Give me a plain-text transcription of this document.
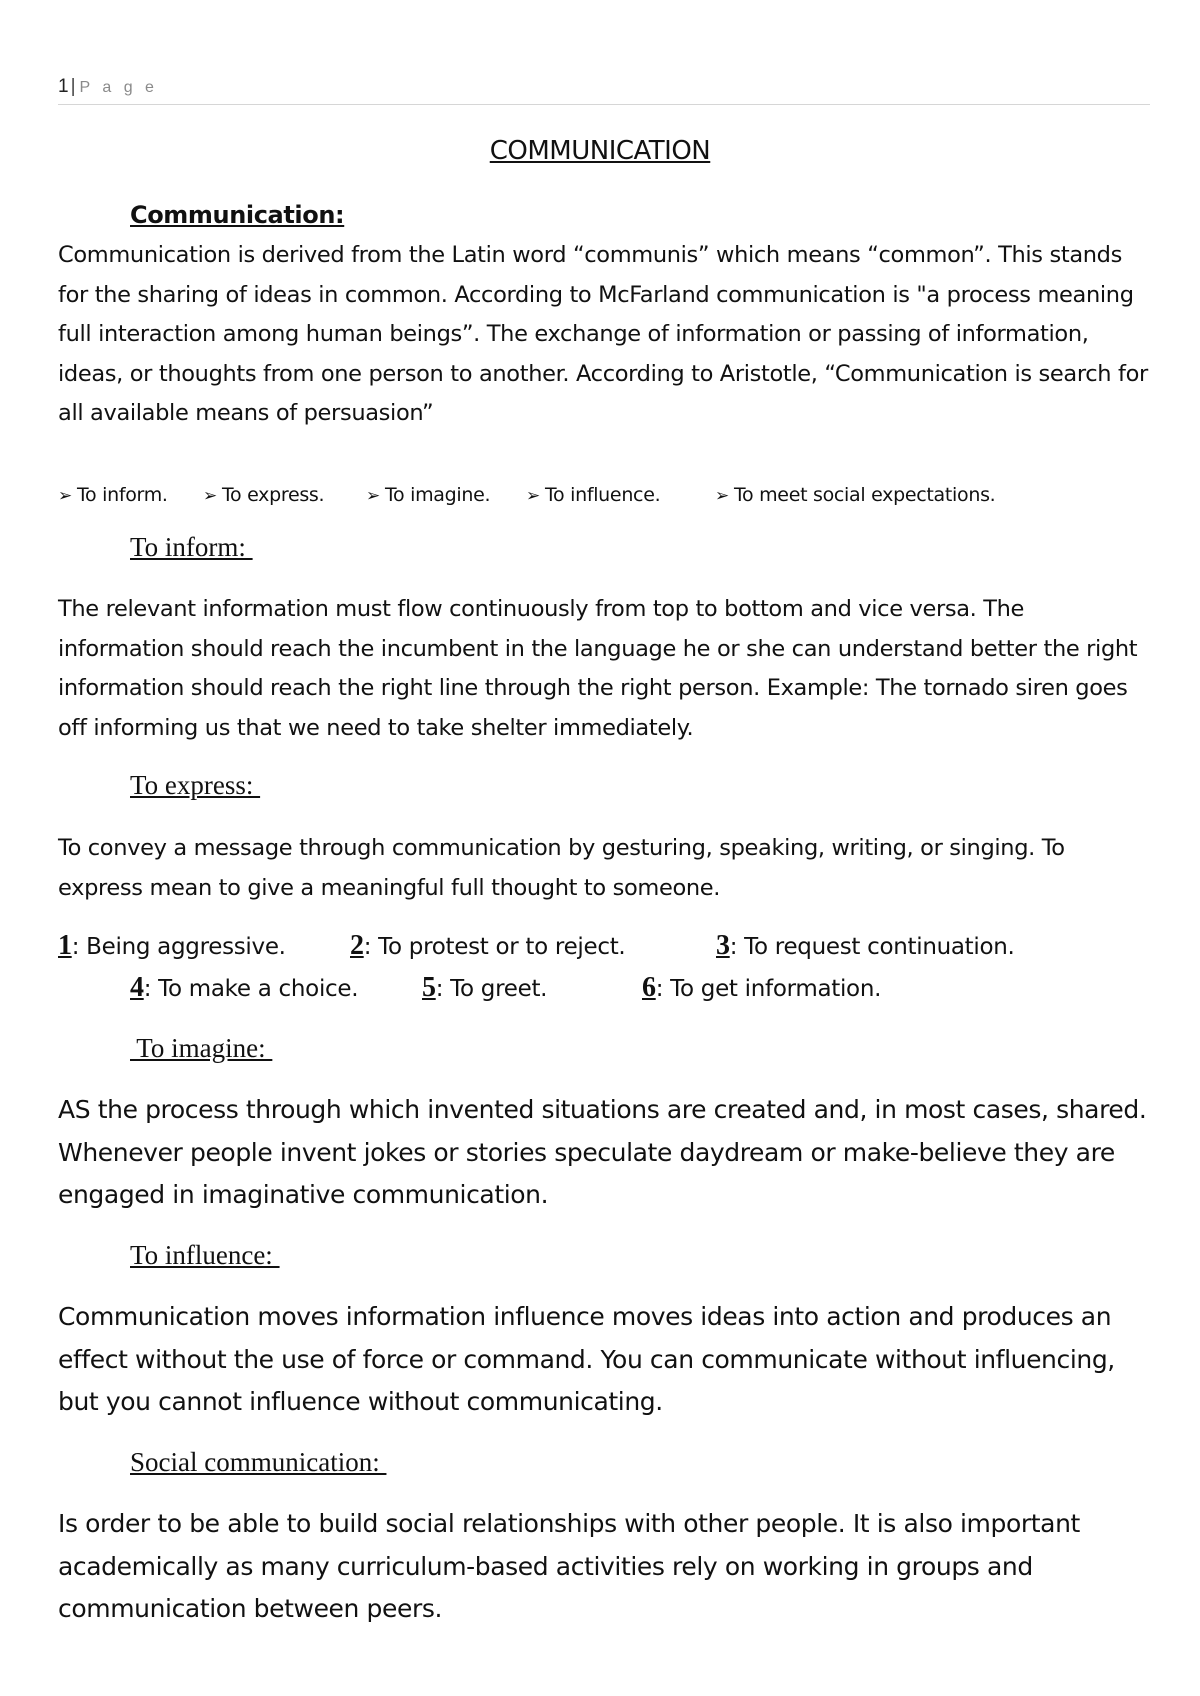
1 | P a g e
COMMUNICATION
Communication:

Communication is derived from the Latin word “communis” which means “common”. This stands for the sharing of ideas in common. According to McFarland communication is "a process meaning full interaction among human beings”. The exchange of information or passing of information, ideas, or thoughts from one person to another. According to Aristotle, “Communication is search for all available means of persuasion”

➢ To inform. ➢ To express. ➢ To imagine. ➢ To influence.	➢ To meet social expectations.
To inform:

The relevant information must flow continuously from top to bottom and vice versa. The information should reach the incumbent in the language he or she can understand better the right information should reach the right line through the right person. Example: The tornado siren goes off informing us that we need to take shelter immediately.

To express:

To convey a message through communication by gesturing, speaking, writing, or singing. To express mean to give a meaningful full thought to someone.

1: Being aggressive. 2: To protest or to reject.	3: To request continuation.
4: To make a choice. 5: To greet.	6: To get information.
To imagine:

AS the process through which invented situations are created and, in most cases, shared. Whenever people invent jokes or stories speculate daydream or make-believe they are engaged in imaginative communication.

To influence:

Communication moves information influence moves ideas into action and produces an effect without the use of force or command. You can communicate without influencing, but you cannot influence without communicating.

Social communication:

Is order to be able to build social relationships with other people. It is also important academically as many curriculum-based activities rely on working in groups and communication between peers.
